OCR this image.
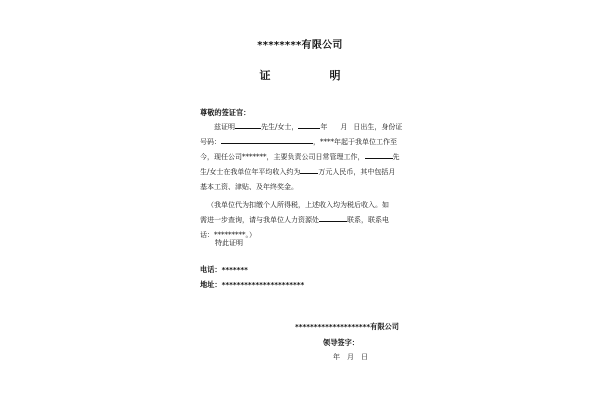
********有限公司
证　明
尊敬的签证官：
兹证明	先生/女士，	年 月 日出生，身份证
号码：	，****年起于我单位工作至
今，现任公司*******，主要负责公司日常管理工作，	先
生/女士在我单位年平均收入约为	万元人民币，其中包括月
基本工资、津贴、及年终奖金。
（我单位代为扣缴个人所得税，上述收入均为税后收入。如
需进一步查询，请与我单位人力资源处	联系，联系电
话：*********。）
特此证明
电话：*******
地址：**********************
********************有限公司
领导签字：
年　月　日
